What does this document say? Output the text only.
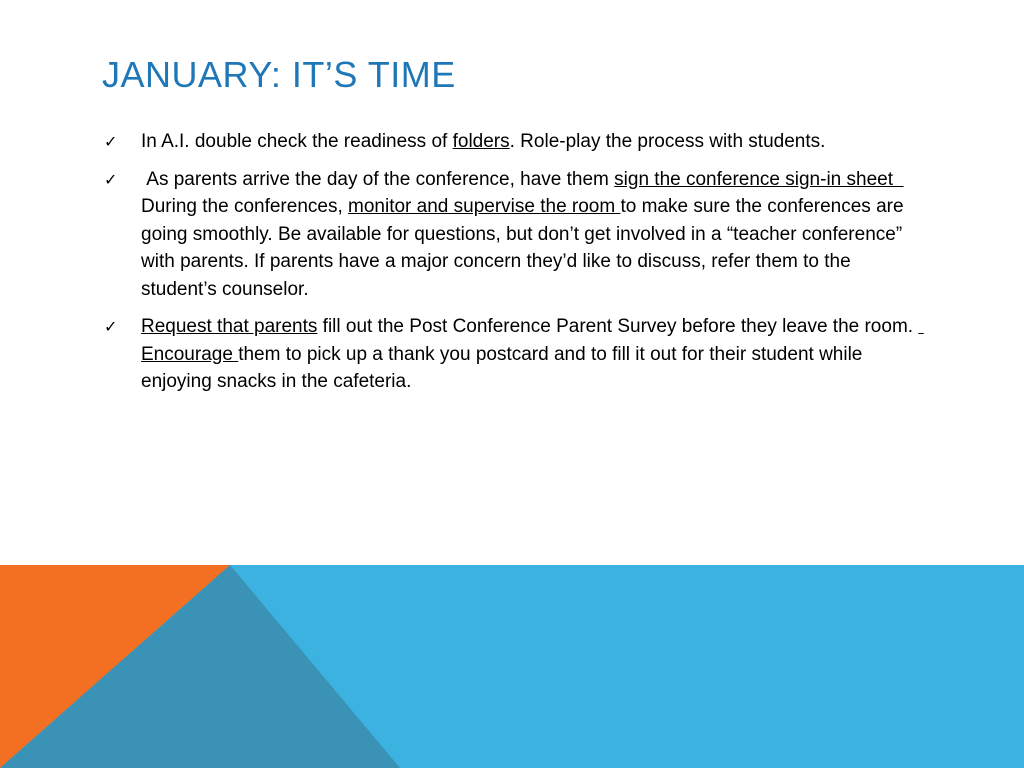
JANUARY: IT’S TIME
✓ In A.I. double check the readiness of folders. Role-play the process with students.
✓ As parents arrive the day of the conference, have them sign the conference sign-in sheet   During the conferences, monitor and supervise the room to make sure the conferences are going smoothly. Be available for questions, but don’t get involved in a “teacher conference” with parents. If parents have a major concern they’d like to discuss, refer them to the student’s counselor.
✓ Request that parents fill out the Post Conference Parent Survey before they leave the room.  Encourage them to pick up a thank you postcard and to fill it out for their student while enjoying snacks in the cafeteria.
